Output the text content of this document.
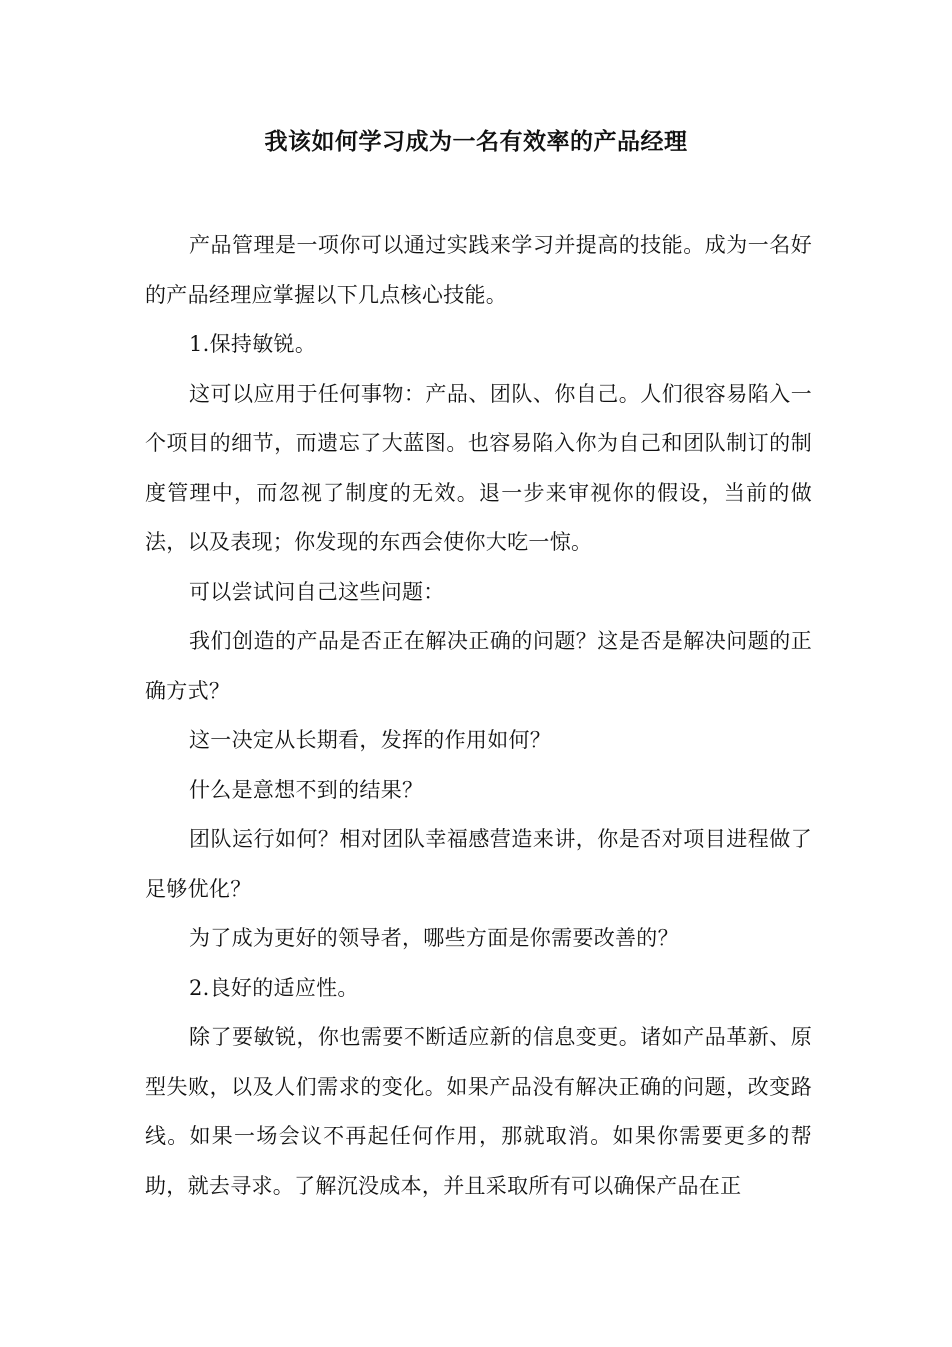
我该如何学习成为一名有效率的产品经理

产品管理是一项你可以通过实践来学习并提高的技能。成为一名好的产品经理应掌握以下几点核心技能。

1.保持敏锐。

这可以应用于任何事物：产品、团队、你自己。人们很容易陷入一个项目的细节，而遗忘了大蓝图。也容易陷入你为自己和团队制订的制度管理中，而忽视了制度的无效。退一步来审视你的假设，当前的做法，以及表现；你发现的东西会使你大吃一惊。

可以尝试问自己这些问题：

我们创造的产品是否正在解决正确的问题？这是否是解决问题的正确方式？

这一决定从长期看，发挥的作用如何？

什么是意想不到的结果？

团队运行如何？相对团队幸福感营造来讲，你是否对项目进程做了足够优化？

为了成为更好的领导者，哪些方面是你需要改善的？

2.良好的适应性。

除了要敏锐，你也需要不断适应新的信息变更。诸如产品革新、原型失败，以及人们需求的变化。如果产品没有解决正确的问题，改变路线。如果一场会议不再起任何作用，那就取消。如果你需要更多的帮助，就去寻求。了解沉没成本，并且采取所有可以确保产品在正
